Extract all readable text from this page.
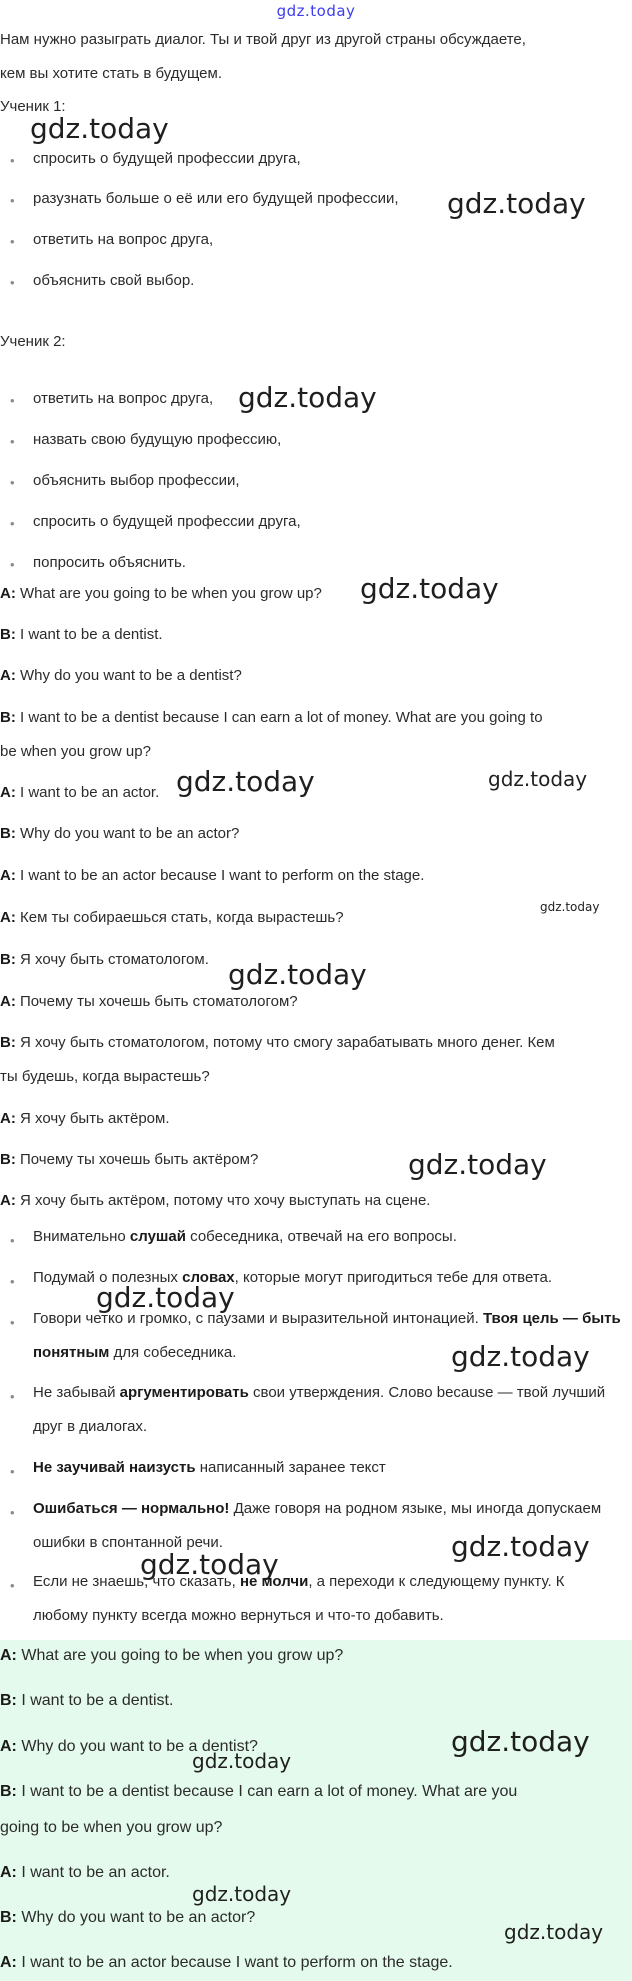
gdz.today
Нам нужно разыграть диалог. Ты и твой друг из другой страны обсуждаете,
кем вы хотите стать в будущем.
Ученик 1:
• спросить о будущей профессии друга,
• разузнать больше о её или его будущей профессии,
• ответить на вопрос друга,
• объяснить свой выбор.
Ученик 2:
• ответить на вопрос друга,
• назвать свою будущую профессию,
• объяснить выбор профессии,
• спросить о будущей профессии друга,
• попросить объяснить.
A: What are you going to be when you grow up?
B: I want to be a dentist.
A: Why do you want to be a dentist?
B: I want to be a dentist because I can earn a lot of money. What are you going to
be when you grow up?
A: I want to be an actor.
B: Why do you want to be an actor?
A: I want to be an actor because I want to perform on the stage.
A: Кем ты собираешься стать, когда вырастешь?
B: Я хочу быть стоматологом.
A: Почему ты хочешь быть стоматологом?
B: Я хочу быть стоматологом, потому что смогу зарабатывать много денег. Кем
ты будешь, когда вырастешь?
A: Я хочу быть актёром.
B: Почему ты хочешь быть актёром?
A: Я хочу быть актёром, потому что хочу выступать на сцене.
• Внимательно слушай собеседника, отвечай на его вопросы.
• Подумай о полезных словах, которые могут пригодиться тебе для ответа.
• Говори четко и громко, с паузами и выразительной интонацией. Твоя цель — быть понятным для собеседника.
• Не забывай аргументировать свои утверждения. Слово because — твой лучший друг в диалогах.
• Не заучивай наизусть написанный заранее текст
• Ошибаться — нормально! Даже говоря на родном языке, мы иногда допускаем ошибки в спонтанной речи.
• Если не знаешь, что сказать, не молчи, а переходи к следующему пункту. К любому пункту всегда можно вернуться и что-то добавить.
A: What are you going to be when you grow up?
B: I want to be a dentist.
A: Why do you want to be a dentist?
B: I want to be a dentist because I can earn a lot of money. What are you
going to be when you grow up?
A: I want to be an actor.
B: Why do you want to be an actor?
A: I want to be an actor because I want to perform on the stage.
gdz.today
gdz.today
gdz.today
gdz.today
gdz.today	gdz.today
gdz.today
gdz.today
gdz.today
gdz.today
gdz.today
gdz.today
gdz.today
gdz.today
gdz.today
gdz.today
gdz.today
